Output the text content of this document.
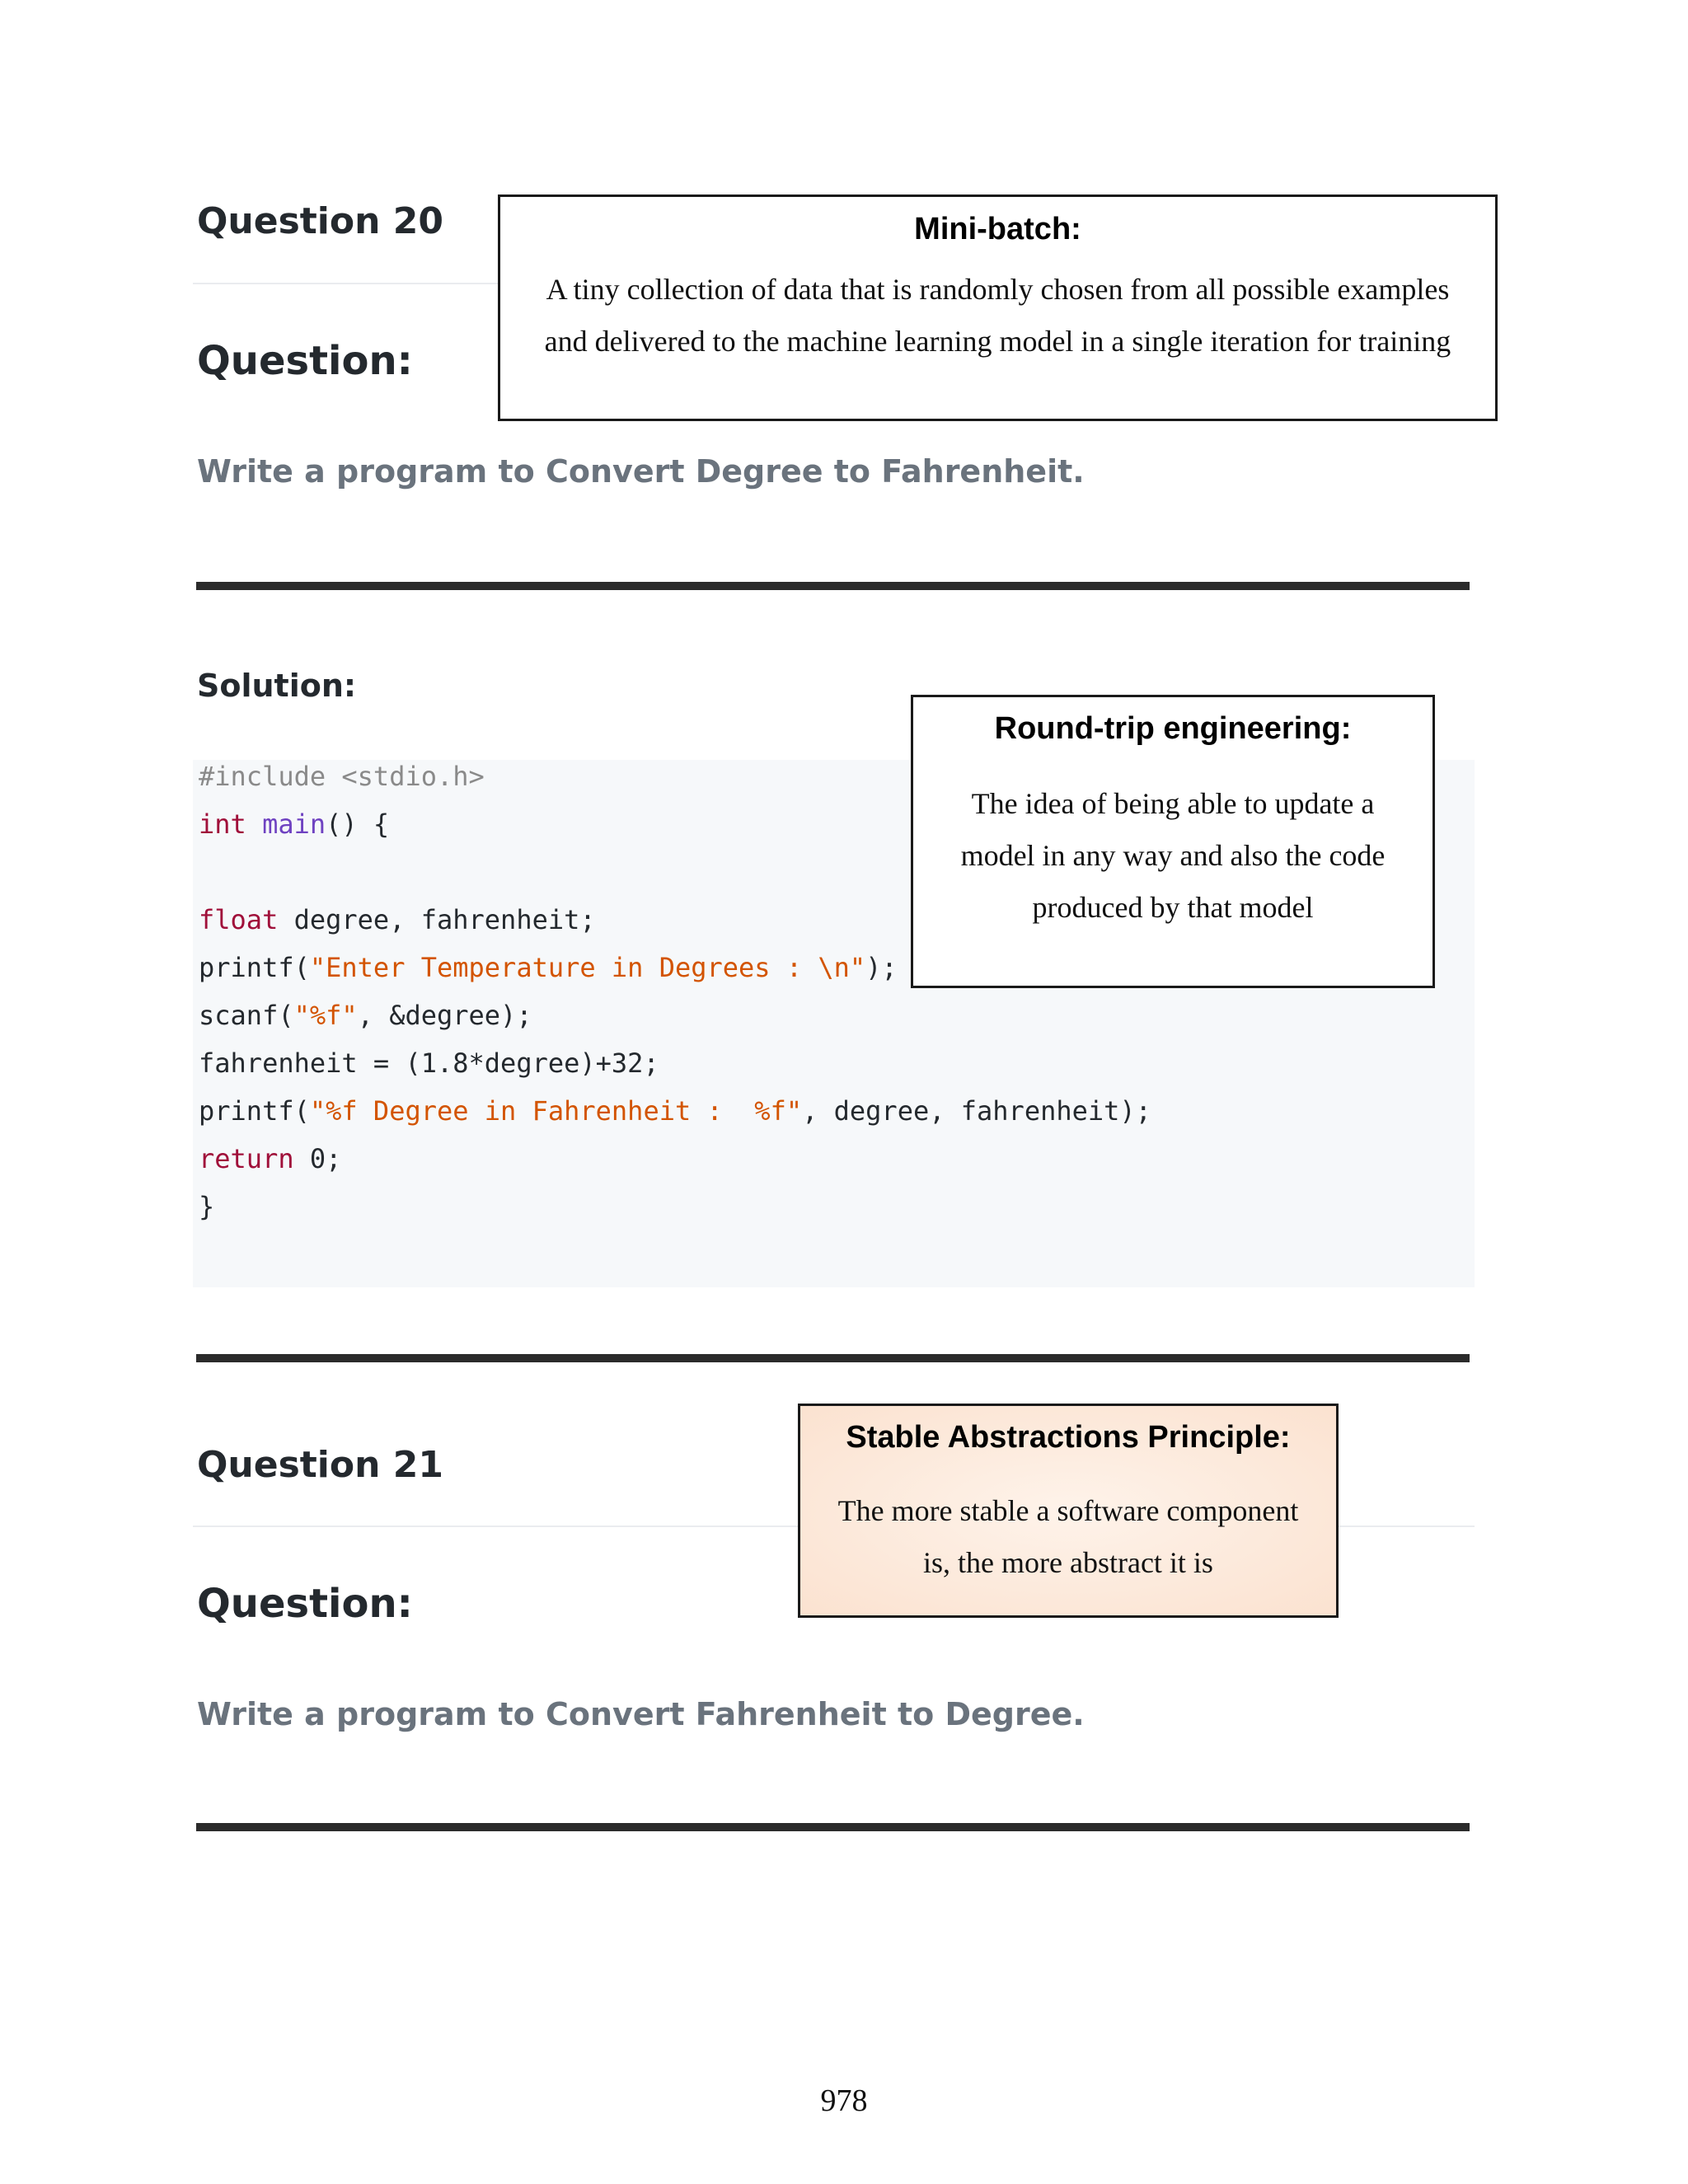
Question 20
Question:
Write a program to Convert Degree to Fahrenheit.
Solution:
#include <stdio.h>
int main() {
float degree, fahrenheit;
printf("Enter Temperature in Degrees : \n");
scanf("%f", &degree);
fahrenheit = (1.8*degree)+32;
printf("%f Degree in Fahrenheit :  %f", degree, fahrenheit);
return 0;
}
Question 21
Question:
Write a program to Convert Fahrenheit to Degree.
Mini-batch:
A tiny collection of data that is randomly chosen from all possible examples
and delivered to the machine learning model in a single iteration for training
Round-trip engineering:
The idea of being able to update a
model in any way and also the code
produced by that model
Stable Abstractions Principle:
The more stable a software component
is, the more abstract it is
978
